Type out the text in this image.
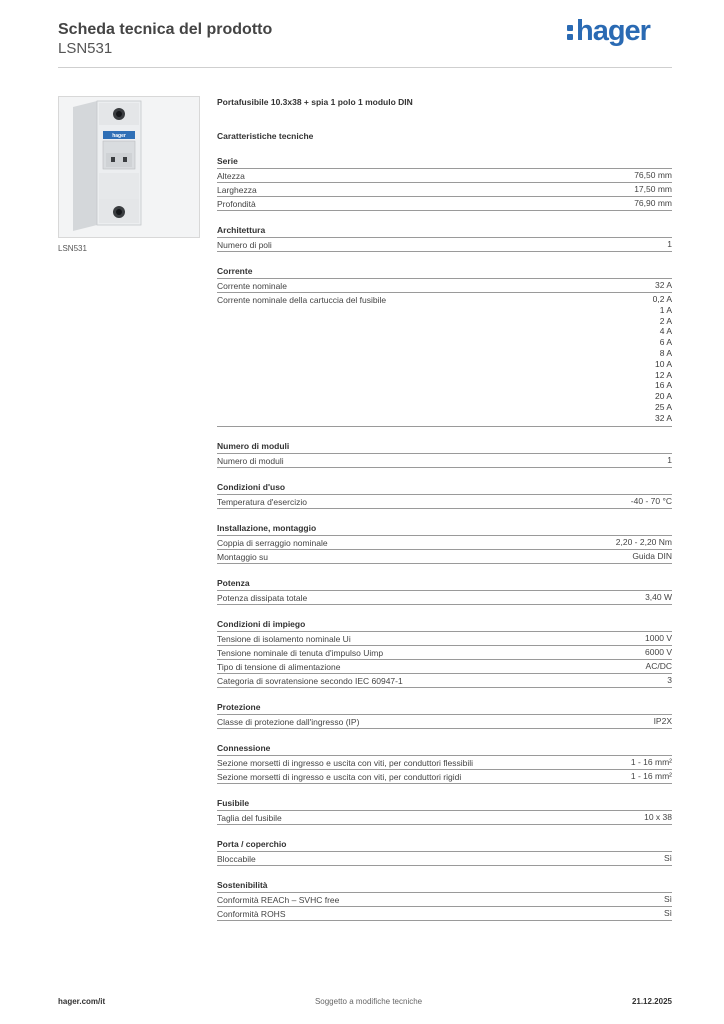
Scheda tecnica del prodotto
LSN531
hager
hager
LSN531
Portafusibile 10.3x38 + spia 1 polo 1 modulo DIN
Caratteristiche tecniche
Serie
Altezza	76,50 mm
Larghezza	17,50 mm
Profondità	76,90 mm
Architettura
Numero di poli	1
Corrente
Corrente nominale	32 A
Corrente nominale della cartuccia del fusibile	0,2 A
1 A
2 A
4 A
6 A
8 A
10 A
12 A
16 A
20 A
25 A
32 A
Numero di moduli
Numero di moduli	1
Condizioni d'uso
Temperatura d'esercizio	-40 - 70 °C
Installazione, montaggio
Coppia di serraggio nominale	2,20 - 2,20 Nm
Montaggio su	Guida DIN
Potenza
Potenza dissipata totale	3,40 W
Condizioni di impiego
Tensione di isolamento nominale Ui	1000 V
Tensione nominale di tenuta d'impulso Uimp	6000 V
Tipo di tensione di alimentazione	AC/DC
Categoria di sovratensione secondo IEC 60947-1	3
Protezione
Classe di protezione dall'ingresso (IP)	IP2X
Connessione
Sezione morsetti di ingresso e uscita con viti, per conduttori flessibili	1 - 16 mm²
Sezione morsetti di ingresso e uscita con viti, per conduttori rigidi	1 - 16 mm²
Fusibile
Taglia del fusibile	10 x 38
Porta / coperchio
Bloccabile	Sì
Sostenibilità
Conformità REACh – SVHC free	Sì
Conformità ROHS	Sì
hager.com/it	Soggetto a modifiche tecniche	21.12.2025
